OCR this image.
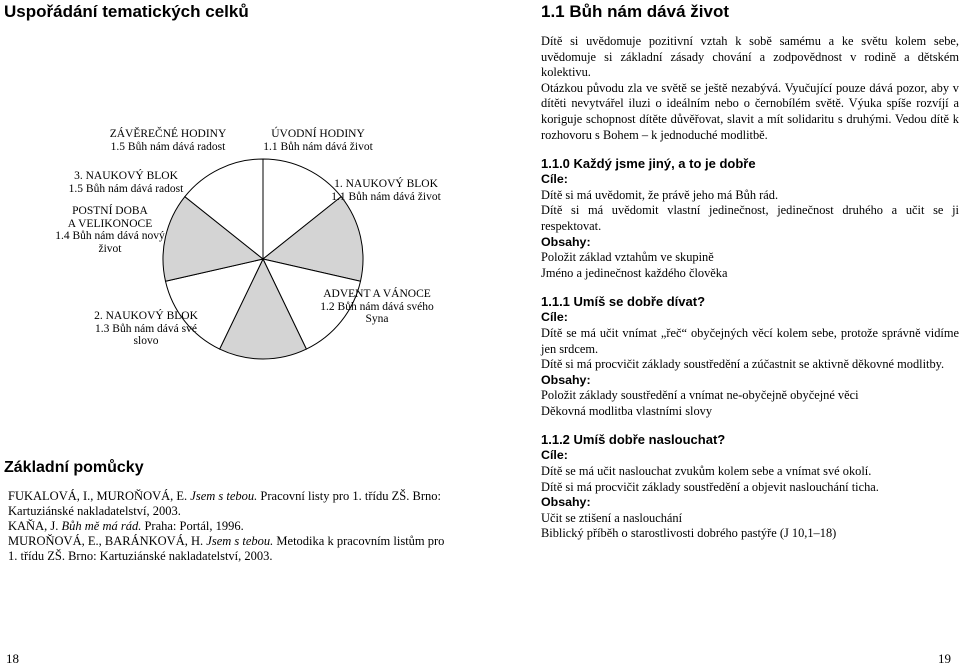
Uspořádání tematických celků
ÚVODNÍ HODINY
1.1 Bůh nám dává život
1. NAUKOVÝ BLOK
1.1 Bůh nám dává život
ADVENT A VÁNOCE
1.2 Bůh nám dává svého
Syna
2. NAUKOVÝ BLOK
1.3 Bůh nám dává své
slovo
POSTNÍ DOBA
A VELIKONOCE
1.4 Bůh nám dává nový
život
3. NAUKOVÝ BLOK
1.5 Bůh nám dává radost
ZÁVĚREČNÉ HODINY
1.5 Bůh nám dává radost
Základní pomůcky

FUKALOVÁ, I., MUROŇOVÁ, E. Jsem s tebou. Pracovní listy pro 1. třídu ZŠ. Brno: Kartuziánské nakladatelství, 2003.

KAŇA, J. Bůh mě má rád. Praha: Portál, 1996.

MUROŇOVÁ, E., BARÁNKOVÁ, H. Jsem s tebou. Metodika k pracovním listům pro 1. třídu ZŠ. Brno: Kartuziánské nakladatelství, 2003.

18
1.1 Bůh nám dává život

Dítě si uvědomuje pozitivní vztah k sobě samému a ke světu kolem sebe, uvědomuje si základní zásady chování a zodpovědnost v rodině a dětském kolektivu.

Otázkou původu zla ve světě se ještě nezabývá. Vyučující pouze dává pozor, aby v dítěti nevytvářel iluzi o ideálním nebo o černobílém světě. Výuka spíše rozvíjí a koriguje schopnost dítěte důvěřovat, slavit a mít solidaritu s druhými. Vedou dítě k rozhovoru s Bohem – k jednoduché modlitbě.

1.1.0 Každý jsme jiný, a to je dobře

Cíle:

Dítě si má uvědomit, že právě jeho má Bůh rád.

Dítě si má uvědomit vlastní jedinečnost, jedinečnost druhého a učit se ji respektovat.

Obsahy:

Položit základ vztahům ve skupině

Jméno a jedinečnost každého člověka

1.1.1 Umíš se dobře dívat?

Cíle:

Dítě se má učit vnímat „řeč“ obyčejných věcí kolem sebe, protože správně vidíme jen srdcem.

Dítě si má procvičit základy soustředění a zúčastnit se aktivně děkovné modlitby.

Obsahy:

Položit základy soustředění a vnímat ne-obyčejně obyčejné věci

Děkovná modlitba vlastními slovy

1.1.2 Umíš dobře naslouchat?

Cíle:

Dítě se má učit naslouchat zvukům kolem sebe a vnímat své okolí.

Dítě si má procvičit základy soustředění a objevit naslouchání ticha.

Obsahy:

Učit se ztišení a naslouchání

Biblický příběh o starostlivosti dobrého pastýře (J 10,1–18)

19
